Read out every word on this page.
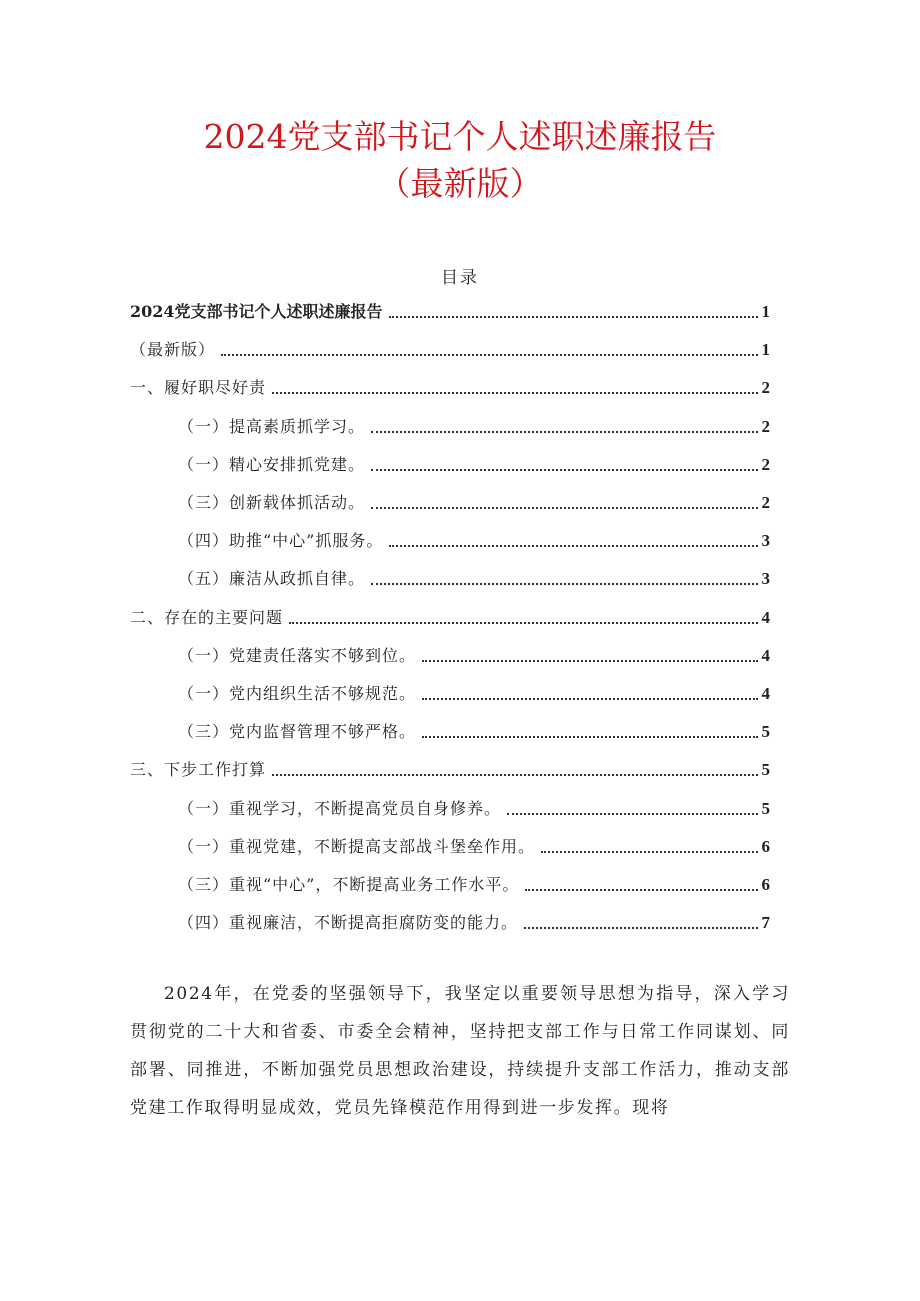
2024党支部书记个人述职述廉报告
（最新版）
目录
2024党支部书记个人述职述廉报告	1
（最新版）	1
一、履好职尽好责	2
（一）提高素质抓学习。	2
（一）精心安排抓党建。	2
（三）创新载体抓活动。	2
（四）助推“中心”抓服务。	3
（五）廉洁从政抓自律。	3
二、存在的主要问题	4
（一）党建责任落实不够到位。	4
（一）党内组织生活不够规范。	4
（三）党内监督管理不够严格。	5
三、下步工作打算	5
（一）重视学习，不断提高党员自身修养。	5
（一）重视党建，不断提高支部战斗堡垒作用。	6
（三）重视“中心”，不断提高业务工作水平。	6
（四）重视廉洁，不断提高拒腐防变的能力。	7

2024年，在党委的坚强领导下，我坚定以重要领导思想为指导，深入学习贯彻党的二十大和省委、市委全会精神，坚持把支部工作与日常工作同谋划、同部署、同推进，不断加强党员思想政治建设，持续提升支部工作活力，推动支部党建工作取得明显成效，党员先锋模范作用得到进一步发挥。现将
